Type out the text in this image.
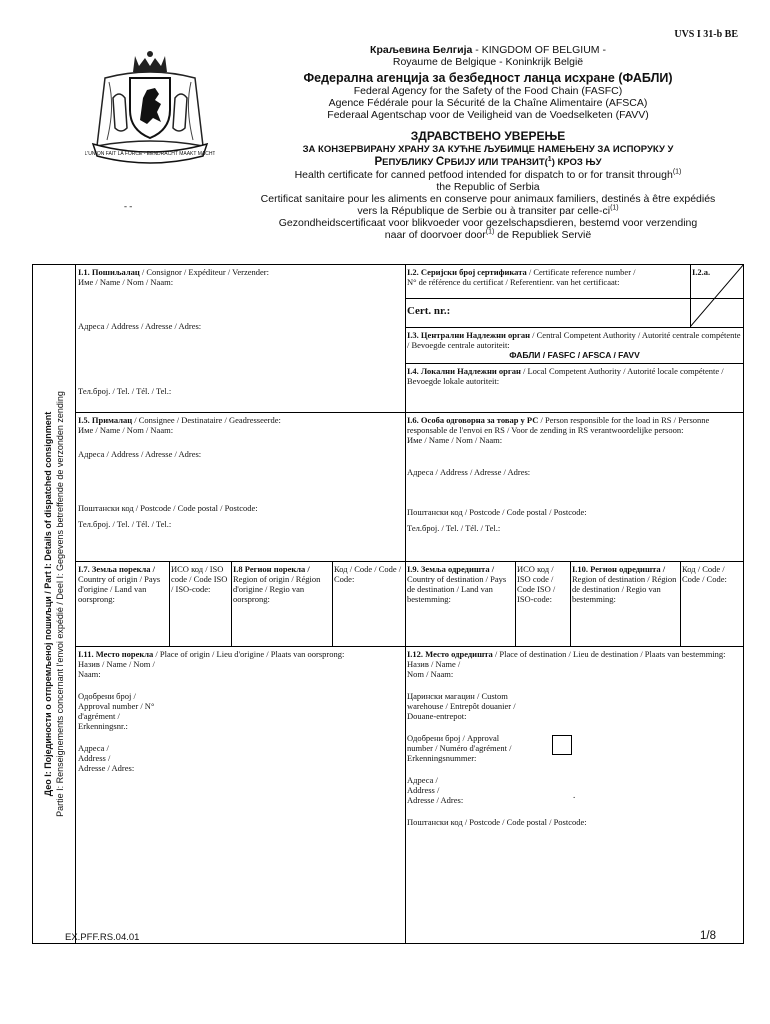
UVS I 31-b BE
L'UNION FAIT LA FORCE - EENDRACHT MAAKT MACHT
- -
Краљевина Белгија - KINGDOM OF BELGIUM -
Royaume de Belgique - Koninkrijk België
Федерална агенција за безбедност ланца исхране (ФАБЛИ)
Federal Agency for the Safety of the Food Chain (FASFC)
Agence Fédérale pour la Sécurité de la Chaîne Alimentaire (AFSCA)
Federaal Agentschap voor de Veiligheid van de Voedselketen (FAVV)
ЗДРАВСТВЕНО УВЕРЕЊЕ
ЗА КОНЗЕРВИРАНУ ХРАНУ ЗА КУЋНЕ ЉУБИМЦЕ НАМЕЊЕНУ ЗА ИСПОРУКУ У
РЕПУБЛИКУ СРБИЈУ ИЛИ ТРАНЗИТ($^1$) КРОЗ ЊУ
Health certificate for canned petfood intended for dispatch to or for transit through$^{(1)}$
the Republic of Serbia
Certificat sanitaire pour les aliments en conserve pour animaux familiers, destinés à être expédiés
vers la République de Serbie ou à transiter par celle-$ci^{(1)}$
Gezondheidscertificaat voor blikvoeder voor gezelschapsdieren, bestemd voor verzending
naar of doorvoer door$^{(1)}$ de Republiek Servië
Део I: Појединости о отпремљеној пошиљци / Part I: Details of dispatched consignment Partie I: Renseignements concernant l'envoi expédié / Deel I: Gegevens betreffende de verzonden zending
I.1. Пошиљалац / Consignor / Expéditeur / Verzender:
Име / Name / Nom / Naam:
Адреса / Address / Adresse / Adres:
Тел.броj. / Tel. / Tél. / Tel.:
I.2. Серијски број сертификата / Certificate reference number /
N° de référence du certificat / Referentienr. van het certificaat:
I.2.a.
Cert. nr.:
I.3. Централни Надлежни орган / Central Competent Authority / Autorité centrale compétente / Bevoegde centrale autoriteit:
ФАБЛИ / FASFC / AFSCA / FAVV
I.4. Локални Надлежни орган / Local Competent Authority / Autorité locale compétente / Bevoegde lokale autoriteit:
I.5. Прималац / Consignee / Destinataire / Geadresseerde:
Име / Name / Nom / Naam:
Адреса / Address / Adresse / Adres:
Поштански код / Postcode / Code postal / Postcode:
Тел.броj. / Tel. / Tél. / Tel.:
I.6. Особа одговорна за товар у РС / Person responsible for the load in RS / Personne responsable de l'envoi en RS / Voor de zending in RS verantwoordelijke persoon:
Име / Name / Nom / Naam:
Адреса / Address / Adresse / Adres:
Поштански код / Postcode / Code postal / Postcode:
Тел.броj. / Tel. / Tél. / Tel.:
I.7. Земља порекла /
Country of origin / Pays d'origine / Land van oorsprong:
ИСО код / ISO code / Code ISO / ISO-code:
I.8 Регион порекла /
Region of origin / Région d'origine / Regio van oorsprong:
Код / Code / Code / Code:
I.9. Земља одредишта /
Country of destination / Pays de destination / Land van bestemming:
ИСО код / ISO code / Code ISO / ISO-code:
I.10. Регион одредишта /
Region of destination / Région de destination / Regio van bestemming:
Код / Code / Code / Code:
I.11. Место порекла / Place of origin / Lieu d'origine / Plaats van oorsprong:
Назив / Name / Nom / Naam:
Одобрени број / Approval number / N° d'agrément / Erkenningsnr.:
Адреса / Address / Adresse / Adres:
I.12. Место одредишта / Place of destination / Lieu de destination / Plaats van bestemming:
Назив / Name / Nom / Naam:
Царински магацин / Custom warehouse / Entrepôt douanier / Douane-entrepot:
Одобрени број / Approval number / Numéro d'agrément / Erkenningsnummer:
Адреса / Address / Adresse / Adres:
Поштански код / Postcode / Code postal / Postcode:
.
EX.PFF.RS.04.01	1/8
